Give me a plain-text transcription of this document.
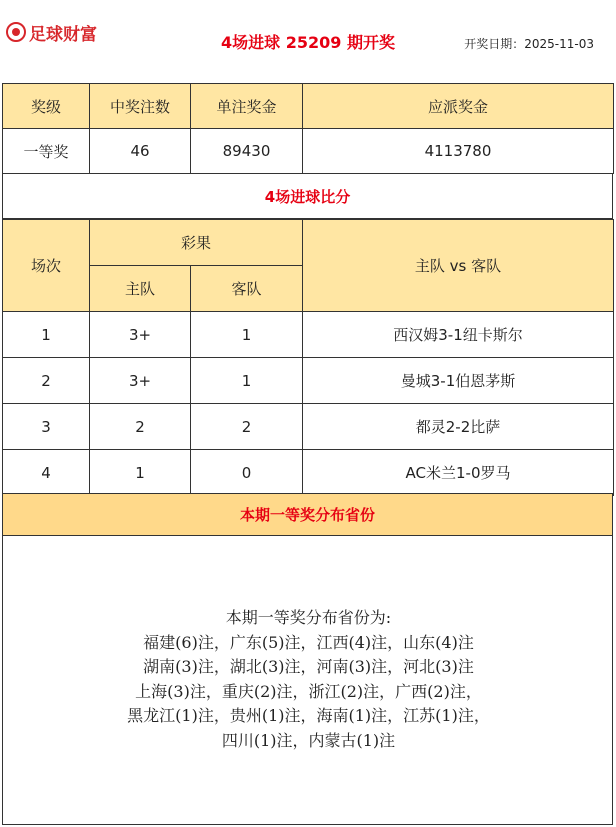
足球财富	4场进球 25209 期开奖	开奖日期：2025-11-03
奖级	中奖注数	单注奖金	应派奖金
一等奖	46	89430	4113780
4场进球比分
场次	彩果		主队 vs 客队
	主队	客队	
1	3+	1	西汉姆3-1纽卡斯尔
2	3+	1	曼城3-1伯恩茅斯
3	2	2	都灵2-2比萨
4	1	0	AC米兰1-0罗马
本期一等奖分布省份
本期一等奖分布省份为:
福建(6)注，广东(5)注，江西(4)注，山东(4)注
湖南(3)注，湖北(3)注，河南(3)注，河北(3)注
上海(3)注，重庆(2)注，浙江(2)注，广西(2)注，
黑龙江(1)注，贵州(1)注，海南(1)注，江苏(1)注，
四川(1)注，内蒙古(1)注
